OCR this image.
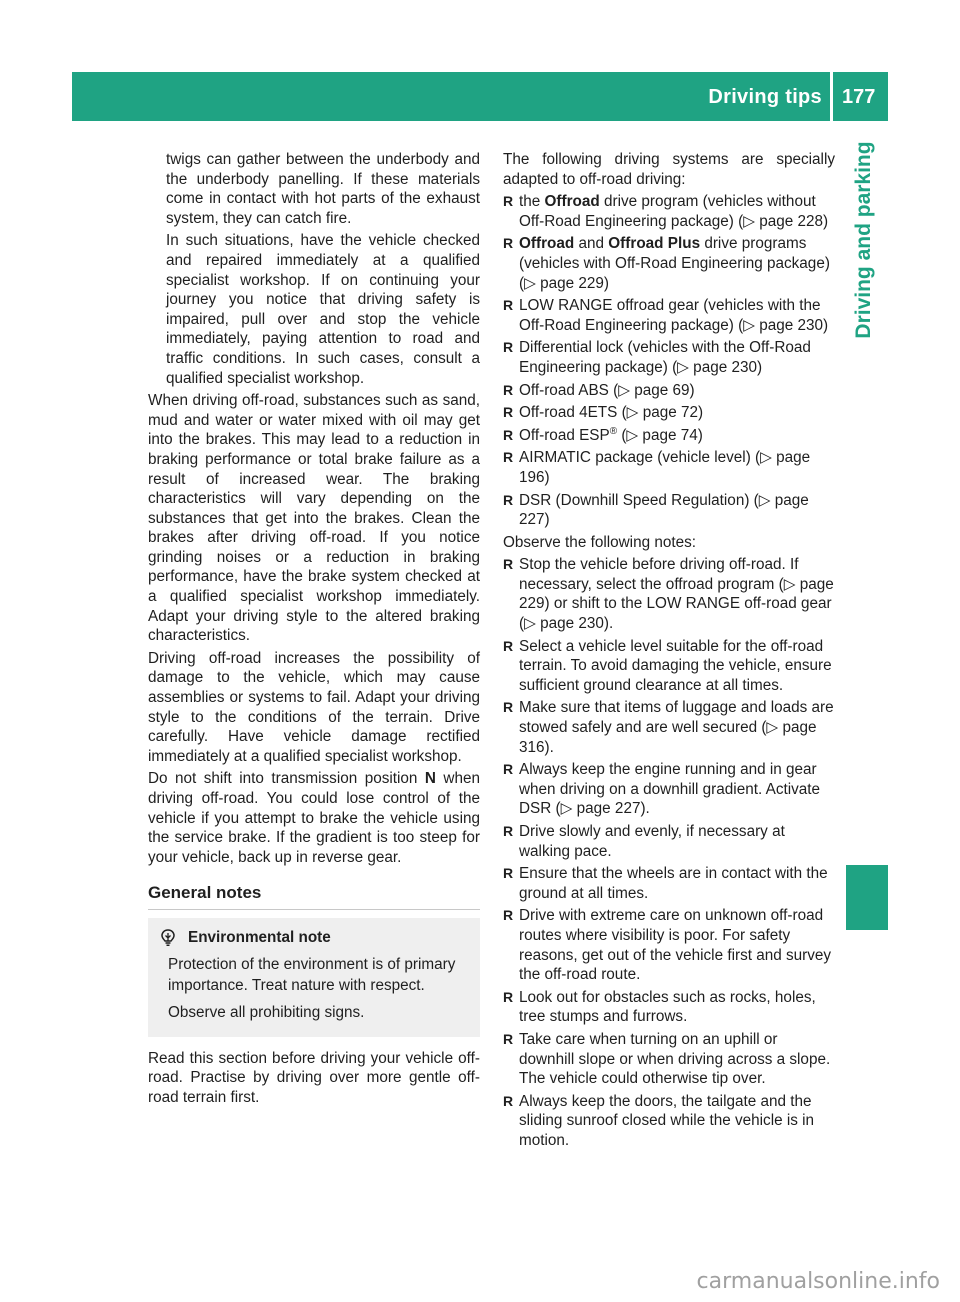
Driving tips 177
Driving and parking

twigs can gather between the underbody and the underbody panelling. If these materials come in contact with hot parts of the exhaust system, they can catch fire.

In such situations, have the vehicle checked and repaired immediately at a qualified specialist workshop. If on continuing your journey you notice that driving safety is impaired, pull over and stop the vehicle immediately, paying attention to road and traffic conditions. In such cases, consult a qualified specialist workshop.

When driving off-road, substances such as sand, mud and water or water mixed with oil may get into the brakes. This may lead to a reduction in braking performance or total brake failure as a result of increased wear. The braking characteristics will vary depending on the substances that get into the brakes. Clean the brakes after driving off-road. If you notice grinding noises or a reduction in braking performance, have the brake system checked at a qualified specialist workshop immediately. Adapt your driving style to the altered braking characteristics.

Driving off-road increases the possibility of damage to the vehicle, which may cause assemblies or systems to fail. Adapt your driving style to the conditions of the terrain. Drive carefully. Have vehicle damage rectified immediately at a qualified specialist workshop.

Do not shift into transmission position N when driving off-road. You could lose control of the vehicle if you attempt to brake the vehicle using the service brake. If the gradient is too steep for your vehicle, back up in reverse gear.

General notes
Environmental note

Protection of the environment is of primary importance. Treat nature with respect.

Observe all prohibiting signs.

Read this section before driving your vehicle off-road. Practise by driving over more gentle off-road terrain first.

The following driving systems are specially adapted to off-road driving:

R the Offroad drive program (vehicles without Off-Road Engineering package) (▷ page 228)
R Offroad and Offroad Plus drive programs (vehicles with Off-Road Engineering package) (▷ page 229)
R LOW RANGE offroad gear (vehicles with the Off-Road Engineering package) (▷ page 230)
R Differential lock (vehicles with the Off-Road Engineering package) (▷ page 230)
R Off-road ABS (▷ page 69)
R Off-road 4ETS (▷ page 72)
R Off-road ESP® (▷ page 74)
R AIRMATIC package (vehicle level) (▷ page 196)
R DSR (Downhill Speed Regulation) (▷ page 227)

Observe the following notes:

R Stop the vehicle before driving off-road. If necessary, select the offroad program (▷ page 229) or shift to the LOW RANGE off-road gear (▷ page 230).
R Select a vehicle level suitable for the off-road terrain. To avoid damaging the vehicle, ensure sufficient ground clearance at all times.
R Make sure that items of luggage and loads are stowed safely and are well secured (▷ page 316).
R Always keep the engine running and in gear when driving on a downhill gradient. Activate DSR (▷ page 227).
R Drive slowly and evenly, if necessary at walking pace.
R Ensure that the wheels are in contact with the ground at all times.
R Drive with extreme care on unknown off-road routes where visibility is poor. For safety reasons, get out of the vehicle first and survey the off-road route.
R Look out for obstacles such as rocks, holes, tree stumps and furrows.
R Take care when turning on an uphill or downhill slope or when driving across a slope. The vehicle could otherwise tip over.
R Always keep the doors, the tailgate and the sliding sunroof closed while the vehicle is in motion.
carmanualsonline.info
